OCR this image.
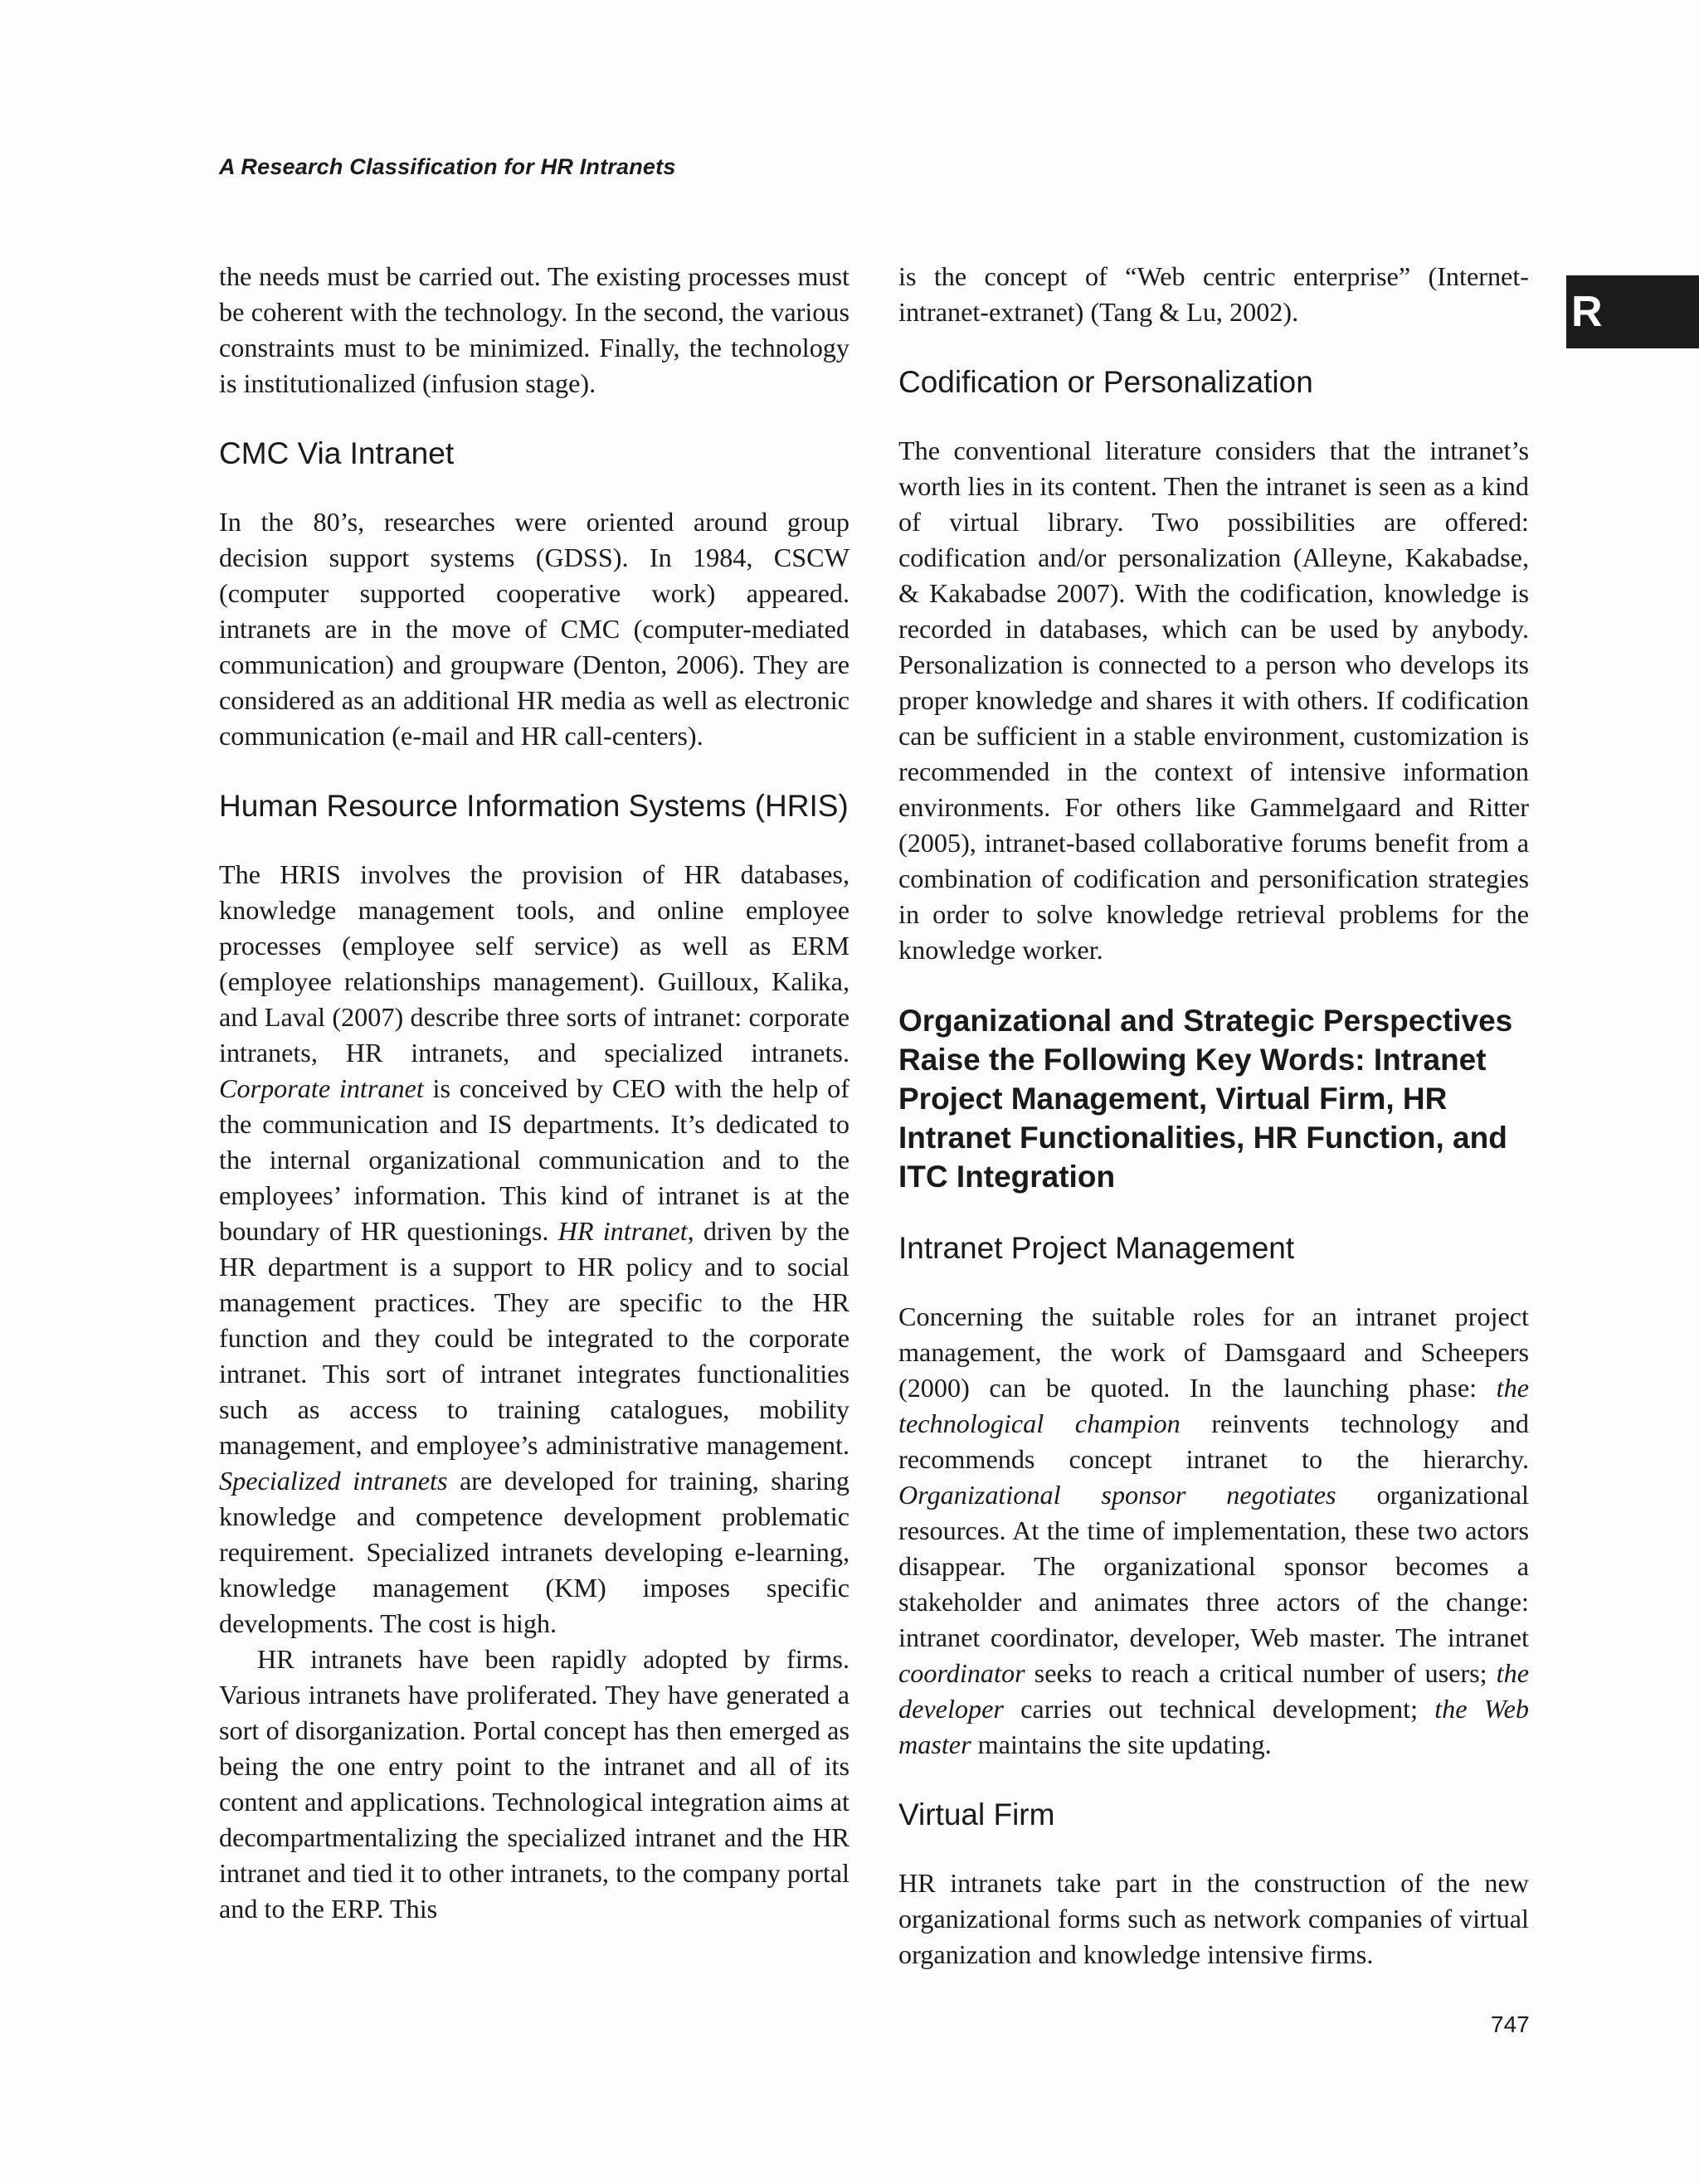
A Research Classification for HR Intranets
R

the needs must be carried out. The existing processes must be coherent with the technology. In the second, the various constraints must to be minimized. Finally, the technology is institutionalized (infusion stage).

CMC Via Intranet

In the 80’s, researches were oriented around group decision support systems (GDSS). In 1984, CSCW (computer supported cooperative work) appeared. intranets are in the move of CMC (computer-mediated communication) and groupware (Denton, 2006). They are considered as an additional HR media as well as electronic communication (e-mail and HR call-centers).

Human Resource Information Systems (HRIS)

The HRIS involves the provision of HR databases, knowledge management tools, and online employee processes (employee self service) as well as ERM (employee relationships management). Guilloux, Kalika, and Laval (2007) describe three sorts of intranet: corporate intranets, HR intranets, and specialized intranets. Corporate intranet is conceived by CEO with the help of the communication and IS departments. It’s dedicated to the internal organizational communication and to the employees’ information. This kind of intranet is at the boundary of HR questionings. HR intranet, driven by the HR department is a support to HR policy and to social management practices. They are specific to the HR function and they could be integrated to the corporate intranet. This sort of intranet integrates functionalities such as access to training catalogues, mobility management, and employee’s administrative management. Specialized intranets are developed for training, sharing knowledge and competence development problematic requirement. Specialized intranets developing e-learning, knowledge management (KM) imposes specific developments. The cost is high.

HR intranets have been rapidly adopted by firms. Various intranets have proliferated. They have generated a sort of disorganization. Portal concept has then emerged as being the one entry point to the intranet and all of its content and applications. Technological integration aims at decompartmentalizing the specialized intranet and the HR intranet and tied it to other intranets, to the company portal and to the ERP. This

is the concept of “Web centric enterprise” (Internet-intranet-extranet) (Tang & Lu, 2002).

Codification or Personalization

The conventional literature considers that the intranet’s worth lies in its content. Then the intranet is seen as a kind of virtual library. Two possibilities are offered: codification and/or personalization (Alleyne, Kakabadse, & Kakabadse 2007). With the codification, knowledge is recorded in databases, which can be used by anybody. Personalization is connected to a person who develops its proper knowledge and shares it with others. If codification can be sufficient in a stable environment, customization is recommended in the context of intensive information environments. For others like Gammelgaard and Ritter (2005), intranet-based collaborative forums benefit from a combination of codification and personification strategies in order to solve knowledge retrieval problems for the knowledge worker.

Organizational and Strategic Perspectives Raise the Following Key Words: Intranet Project Management, Virtual Firm, HR Intranet Functionalities, HR Function, and ITC Integration
Intranet Project Management

Concerning the suitable roles for an intranet project management, the work of Damsgaard and Scheepers (2000) can be quoted. In the launching phase: the technological champion reinvents technology and recommends concept intranet to the hierarchy. Organizational sponsor negotiates organizational resources. At the time of implementation, these two actors disappear. The organizational sponsor becomes a stakeholder and animates three actors of the change: intranet coordinator, developer, Web master. The intranet coordinator seeks to reach a critical number of users; the developer carries out technical development; the Web master maintains the site updating.

Virtual Firm

HR intranets take part in the construction of the new organizational forms such as network companies of virtual organization and knowledge intensive firms.

747
